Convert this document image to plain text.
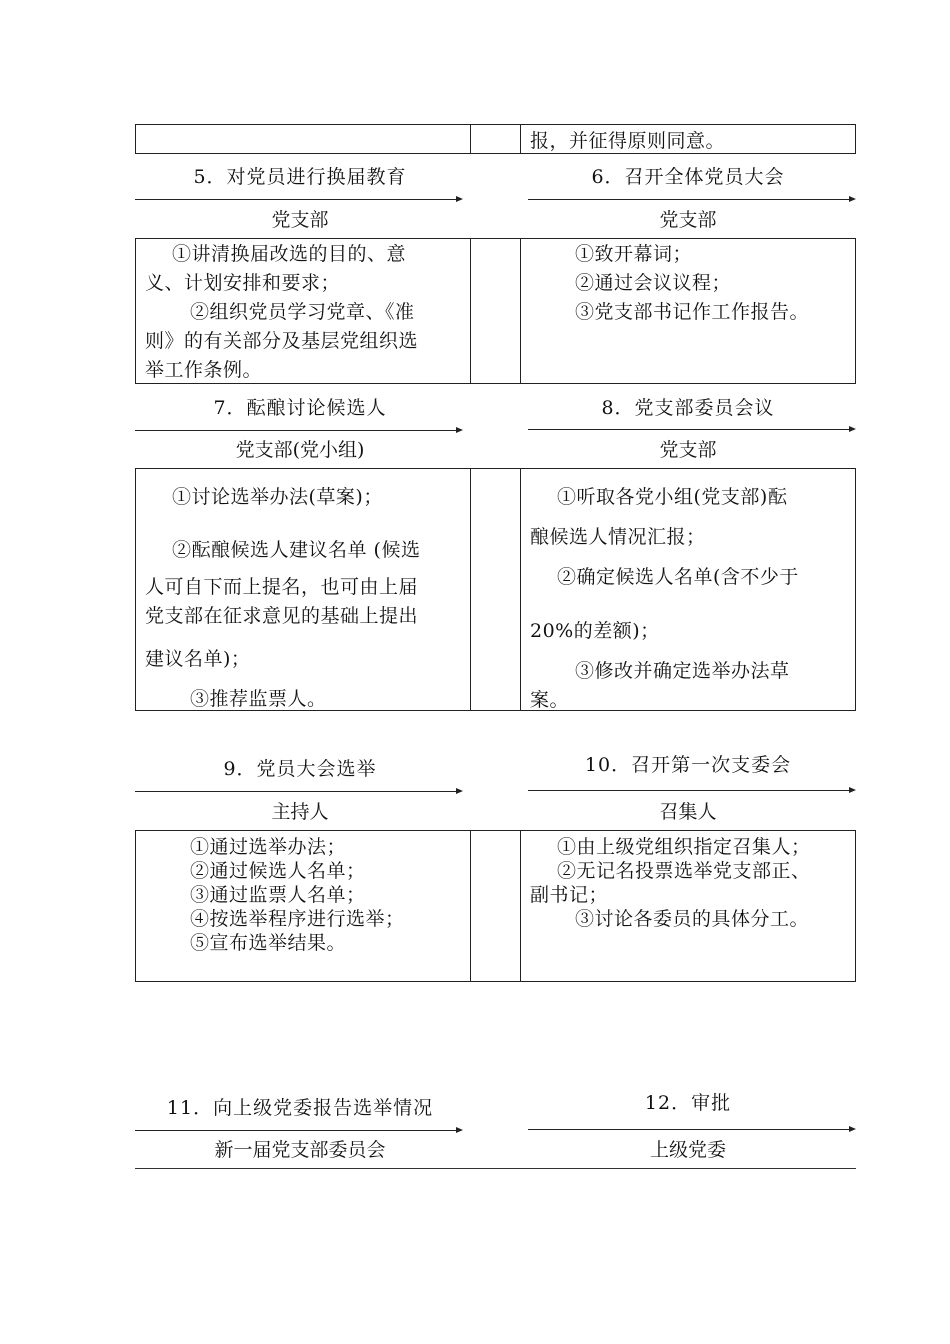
报，并征得原则同意。
5．对党员进行换届教育
党支部
6．召开全体党员大会
党支部
①讲清换届改选的目的、意
义、计划安排和要求；
②组织党员学习党章、《准
则》的有关部分及基层党组织选
举工作条例。
①致开幕词；
②通过会议议程；
③党支部书记作工作报告。
7．酝酿讨论候选人
党支部(党小组)
8．党支部委员会议
党支部
①讨论选举办法(草案)；
②酝酿候选人建议名单 (候选
人可自下而上提名，也可由上届
党支部在征求意见的基础上提出
建议名单)；
③推荐监票人。
①听取各党小组(党支部)酝
酿候选人情况汇报；
②确定候选人名单(含不少于
20%的差额)；
③修改并确定选举办法草
案。
9．党员大会选举
主持人
10．召开第一次支委会
召集人
①通过选举办法；
②通过候选人名单；
③通过监票人名单；
④按选举程序进行选举；
⑤宣布选举结果。
①由上级党组织指定召集人；
②无记名投票选举党支部正、
副书记；
③讨论各委员的具体分工。
11．向上级党委报告选举情况
新一届党支部委员会
12．审批
上级党委
